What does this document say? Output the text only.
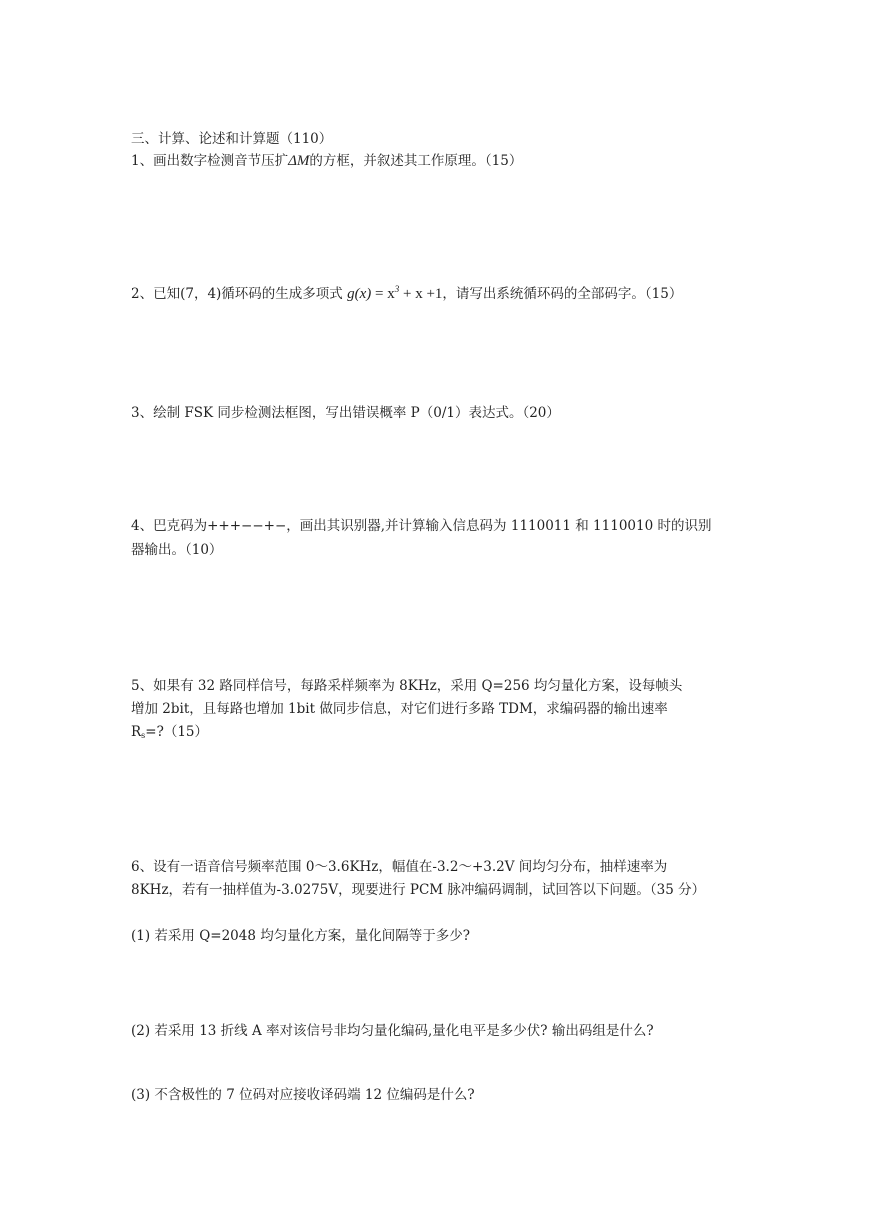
三、计算、论述和计算题（110）
1、画出数字检测音节压扩ΔM的方框，并叙述其工作原理。（15）
2、已知(7，4)循环码的生成多项式 $g(x) = x^3 + x +1$，请写出系统循环码的全部码字。（15）
3、绘制 FSK 同步检测法框图，写出错误概率 P（0/1）表达式。（20）
4、巴克码为+++−−+−，画出其识别器,并计算输入信息码为 1110011 和 1110010 时的识别
器输出。（10）
5、如果有 32 路同样信号，每路采样频率为 8KHz，采用 Q=256 均匀量化方案，设每帧头
增加 2bit，且每路也增加 1bit 做同步信息，对它们进行多路 TDM，求编码器的输出速率
Rs=?（15）
6、设有一语音信号频率范围 0～3.6KHz，幅值在-3.2～+3.2V 间均匀分布，抽样速率为
8KHz，若有一抽样值为-3.0275V，现要进行 PCM 脉冲编码调制，试回答以下问题。（35 分）
(1) 若采用 Q=2048 均匀量化方案，量化间隔等于多少?
(2) 若采用 13 折线 A 率对该信号非均匀量化编码,量化电平是多少伏? 输出码组是什么?
(3) 不含极性的 7 位码对应接收译码端 12 位编码是什么?
